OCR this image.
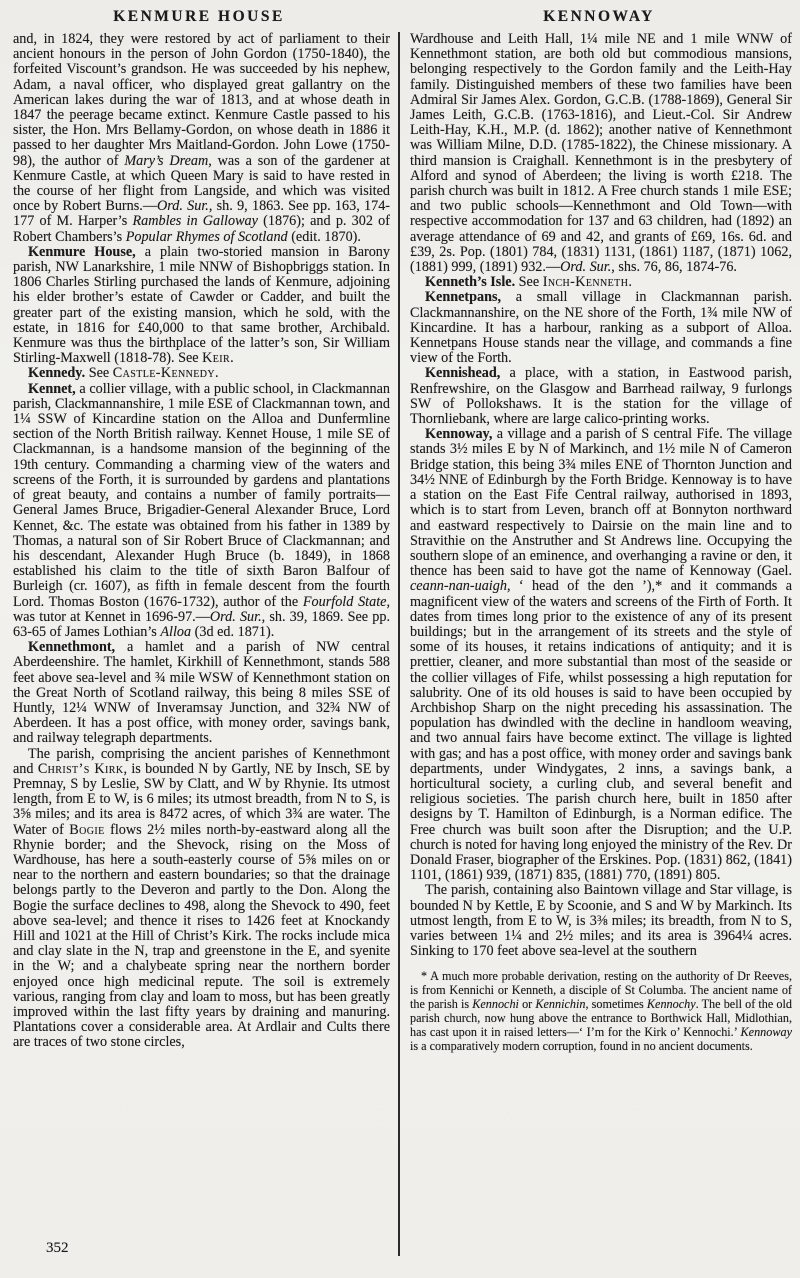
KENMURE HOUSE	KENNOWAY

and, in 1824, they were restored by act of parliament to their ancient honours in the person of John Gordon (1750-1840), the forfeited Viscount’s grandson. He was succeeded by his nephew, Adam, a naval officer, who displayed great gallantry on the American lakes during the war of 1813, and at whose death in 1847 the peerage became extinct. Kenmure Castle passed to his sister, the Hon. Mrs Bellamy-Gordon, on whose death in 1886 it passed to her daughter Mrs Maitland-Gordon. John Lowe (1750-98), the author of Mary’s Dream, was a son of the gardener at Kenmure Castle, at which Queen Mary is said to have rested in the course of her flight from Langside, and which was visited once by Robert Burns.—Ord. Sur., sh. 9, 1863. See pp. 163, 174-177 of M. Harper’s Rambles in Galloway (1876); and p. 302 of Robert Chambers’s Popular Rhymes of Scotland (edit. 1870).

Kenmure House, a plain two-storied mansion in Barony parish, NW Lanarkshire, 1 mile NNW of Bishopbriggs station. In 1806 Charles Stirling purchased the lands of Kenmure, adjoining his elder brother’s estate of Cawder or Cadder, and built the greater part of the existing mansion, which he sold, with the estate, in 1816 for £40,000 to that same brother, Archibald. Kenmure was thus the birthplace of the latter’s son, Sir William Stirling-Maxwell (1818-78). See Keir.

Kennedy. See Castle-Kennedy.

Kennet, a collier village, with a public school, in Clackmannan parish, Clackmannanshire, 1 mile ESE of Clackmannan town, and 1¼ SSW of Kincardine station on the Alloa and Dunfermline section of the North British railway. Kennet House, 1 mile SE of Clackmannan, is a handsome mansion of the beginning of the 19th century. Commanding a charming view of the waters and screens of the Forth, it is surrounded by gardens and plantations of great beauty, and contains a number of family portraits—General James Bruce, Brigadier-General Alexander Bruce, Lord Kennet, &c. The estate was obtained from his father in 1389 by Thomas, a natural son of Sir Robert Bruce of Clackmannan; and his descendant, Alexander Hugh Bruce (b. 1849), in 1868 established his claim to the title of sixth Baron Balfour of Burleigh (cr. 1607), as fifth in female descent from the fourth Lord. Thomas Boston (1676-1732), author of the Fourfold State, was tutor at Kennet in 1696-97.—Ord. Sur., sh. 39, 1869. See pp. 63-65 of James Lothian’s Alloa (3d ed. 1871).

Kennethmont, a hamlet and a parish of NW central Aberdeenshire. The hamlet, Kirkhill of Kennethmont, stands 588 feet above sea-level and ¾ mile WSW of Kennethmont station on the Great North of Scotland railway, this being 8 miles SSE of Huntly, 12¼ WNW of Inveramsay Junction, and 32¾ NW of Aberdeen. It has a post office, with money order, savings bank, and railway telegraph departments.

The parish, comprising the ancient parishes of Kennethmont and Christ’s Kirk, is bounded N by Gartly, NE by Insch, SE by Premnay, S by Leslie, SW by Clatt, and W by Rhynie. Its utmost length, from E to W, is 6 miles; its utmost breadth, from N to S, is 3⅝ miles; and its area is 8472 acres, of which 3¾ are water. The Water of Bogie flows 2½ miles north-by-eastward along all the Rhynie border; and the Shevock, rising on the Moss of Wardhouse, has here a south-easterly course of 5⅝ miles on or near to the northern and eastern boundaries; so that the drainage belongs partly to the Deveron and partly to the Don. Along the Bogie the surface declines to 498, along the Shevock to 490, feet above sea-level; and thence it rises to 1426 feet at Knockandy Hill and 1021 at the Hill of Christ’s Kirk. The rocks include mica and clay slate in the N, trap and greenstone in the E, and syenite in the W; and a chalybeate spring near the northern border enjoyed once high medicinal repute. The soil is extremely various, ranging from clay and loam to moss, but has been greatly improved within the last fifty years by draining and manuring. Plantations cover a considerable area. At Ardlair and Cults there are traces of two stone circles,

Wardhouse and Leith Hall, 1¼ mile NE and 1 mile WNW of Kennethmont station, are both old but commodious mansions, belonging respectively to the Gordon family and the Leith-Hay family. Distinguished members of these two families have been Admiral Sir James Alex. Gordon, G.C.B. (1788-1869), General Sir James Leith, G.C.B. (1763-1816), and Lieut.-Col. Sir Andrew Leith-Hay, K.H., M.P. (d. 1862); another native of Kennethmont was William Milne, D.D. (1785-1822), the Chinese missionary. A third mansion is Craighall. Kennethmont is in the presbytery of Alford and synod of Aberdeen; the living is worth £218. The parish church was built in 1812. A Free church stands 1 mile ESE; and two public schools—Kennethmont and Old Town—with respective accommodation for 137 and 63 children, had (1892) an average attendance of 69 and 42, and grants of £69, 16s. 6d. and £39, 2s. Pop. (1801) 784, (1831) 1131, (1861) 1187, (1871) 1062, (1881) 999, (1891) 932.—Ord. Sur., shs. 76, 86, 1874-76.

Kenneth’s Isle. See Inch-Kenneth.

Kennetpans, a small village in Clackmannan parish. Clackmannanshire, on the NE shore of the Forth, 1¾ mile NW of Kincardine. It has a harbour, ranking as a subport of Alloa. Kennetpans House stands near the village, and commands a fine view of the Forth.

Kennishead, a place, with a station, in Eastwood parish, Renfrewshire, on the Glasgow and Barrhead railway, 9 furlongs SW of Pollokshaws. It is the station for the village of Thornliebank, where are large calico-printing works.

Kennoway, a village and a parish of S central Fife. The village stands 3½ miles E by N of Markinch, and 1½ mile N of Cameron Bridge station, this being 3¾ miles ENE of Thornton Junction and 34½ NNE of Edinburgh by the Forth Bridge. Kennoway is to have a station on the East Fife Central railway, authorised in 1893, which is to start from Leven, branch off at Bonnyton northward and eastward respectively to Dairsie on the main line and to Stravithie on the Anstruther and St Andrews line. Occupying the southern slope of an eminence, and overhanging a ravine or den, it thence has been said to have got the name of Kennoway (Gael. ceann-nan-uaigh, ‘ head of the den ’),* and it commands a magnificent view of the waters and screens of the Firth of Forth. It dates from times long prior to the existence of any of its present buildings; but in the arrangement of its streets and the style of some of its houses, it retains indications of antiquity; and it is prettier, cleaner, and more substantial than most of the seaside or the collier villages of Fife, whilst possessing a high reputation for salubrity. One of its old houses is said to have been occupied by Archbishop Sharp on the night preceding his assassination. The population has dwindled with the decline in handloom weaving, and two annual fairs have become extinct. The village is lighted with gas; and has a post office, with money order and savings bank departments, under Windygates, 2 inns, a savings bank, a horticultural society, a curling club, and several benefit and religious societies. The parish church here, built in 1850 after designs by T. Hamilton of Edinburgh, is a Norman edifice. The Free church was built soon after the Disruption; and the U.P. church is noted for having long enjoyed the ministry of the Rev. Dr Donald Fraser, biographer of the Erskines. Pop. (1831) 862, (1841) 1101, (1861) 939, (1871) 835, (1881) 770, (1891) 805.

The parish, containing also Baintown village and Star village, is bounded N by Kettle, E by Scoonie, and S and W by Markinch. Its utmost length, from E to W, is 3⅜ miles; its breadth, from N to S, varies between 1¼ and 2½ miles; and its area is 3964¼ acres. Sinking to 170 feet above sea-level at the southern

* A much more probable derivation, resting on the authority of Dr Reeves, is from Kennichi or Kenneth, a disciple of St Columba. The ancient name of the parish is Kennochi or Kennichin, sometimes Kennochy. The bell of the old parish church, now hung above the entrance to Borthwick Hall, Midlothian, has cast upon it in raised letters—‘ I’m for the Kirk o’ Kennochi.’ Kennoway is a comparatively modern corruption, found in no ancient documents.

352
